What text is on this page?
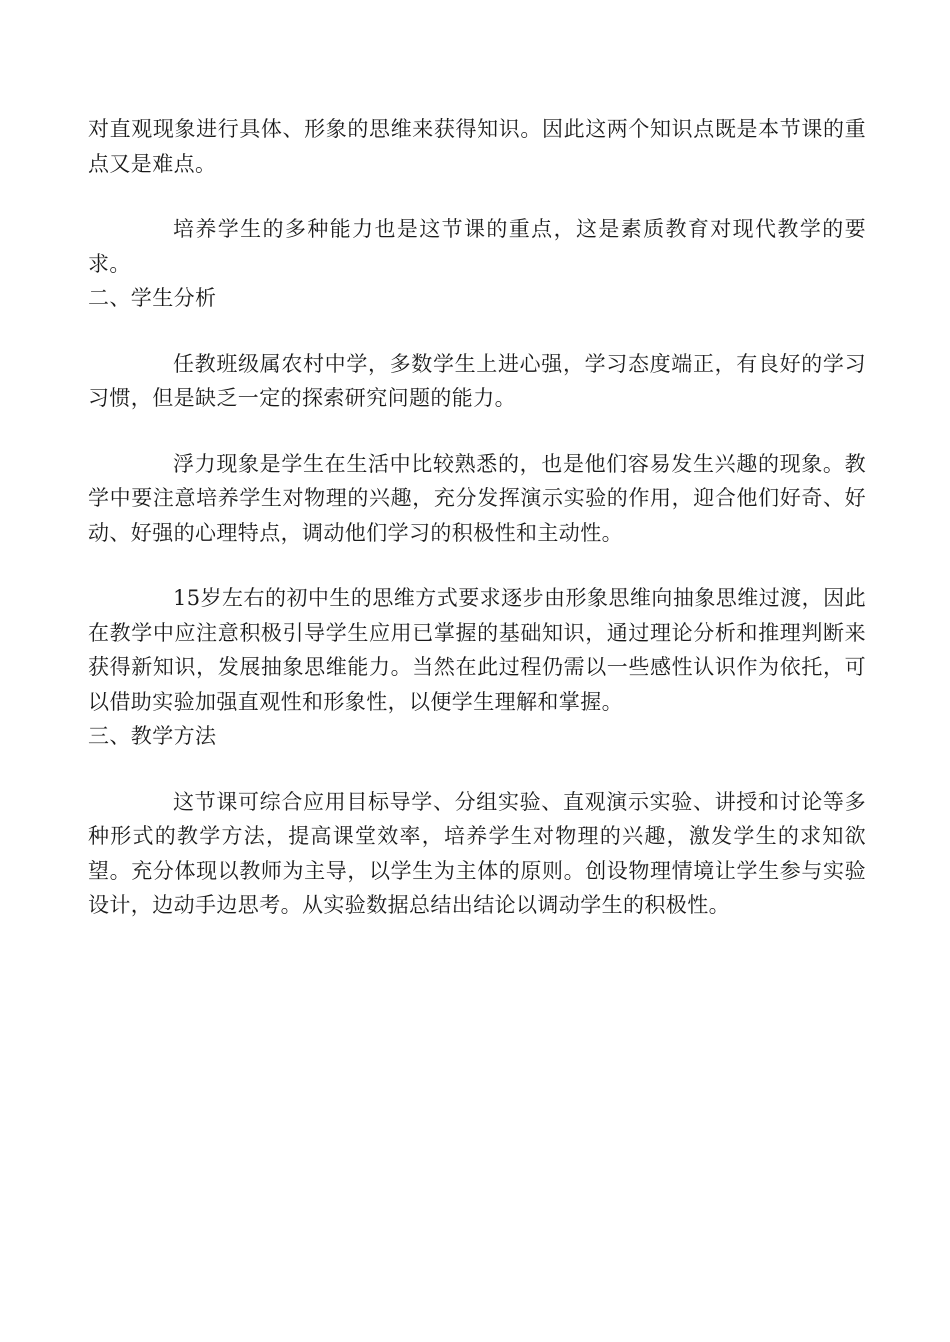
对直观现象进行具体、形象的思维来获得知识。因此这两个知识点既是本节课的重点又是难点。

培养学生的多种能力也是这节课的重点，这是素质教育对现代教学的要求。

二、学生分析

任教班级属农村中学，多数学生上进心强，学习态度端正，有良好的学习习惯，但是缺乏一定的探索研究问题的能力。

浮力现象是学生在生活中比较熟悉的，也是他们容易发生兴趣的现象。教学中要注意培养学生对物理的兴趣，充分发挥演示实验的作用，迎合他们好奇、好动、好强的心理特点，调动他们学习的积极性和主动性。

15岁左右的初中生的思维方式要求逐步由形象思维向抽象思维过渡，因此在教学中应注意积极引导学生应用已掌握的基础知识，通过理论分析和推理判断来获得新知识，发展抽象思维能力。当然在此过程仍需以一些感性认识作为依托，可以借助实验加强直观性和形象性，以便学生理解和掌握。

三、教学方法

这节课可综合应用目标导学、分组实验、直观演示实验、讲授和讨论等多种形式的教学方法，提高课堂效率，培养学生对物理的兴趣，激发学生的求知欲望。充分体现以教师为主导，以学生为主体的原则。创设物理情境让学生参与实验设计，边动手边思考。从实验数据总结出结论以调动学生的积极性。
